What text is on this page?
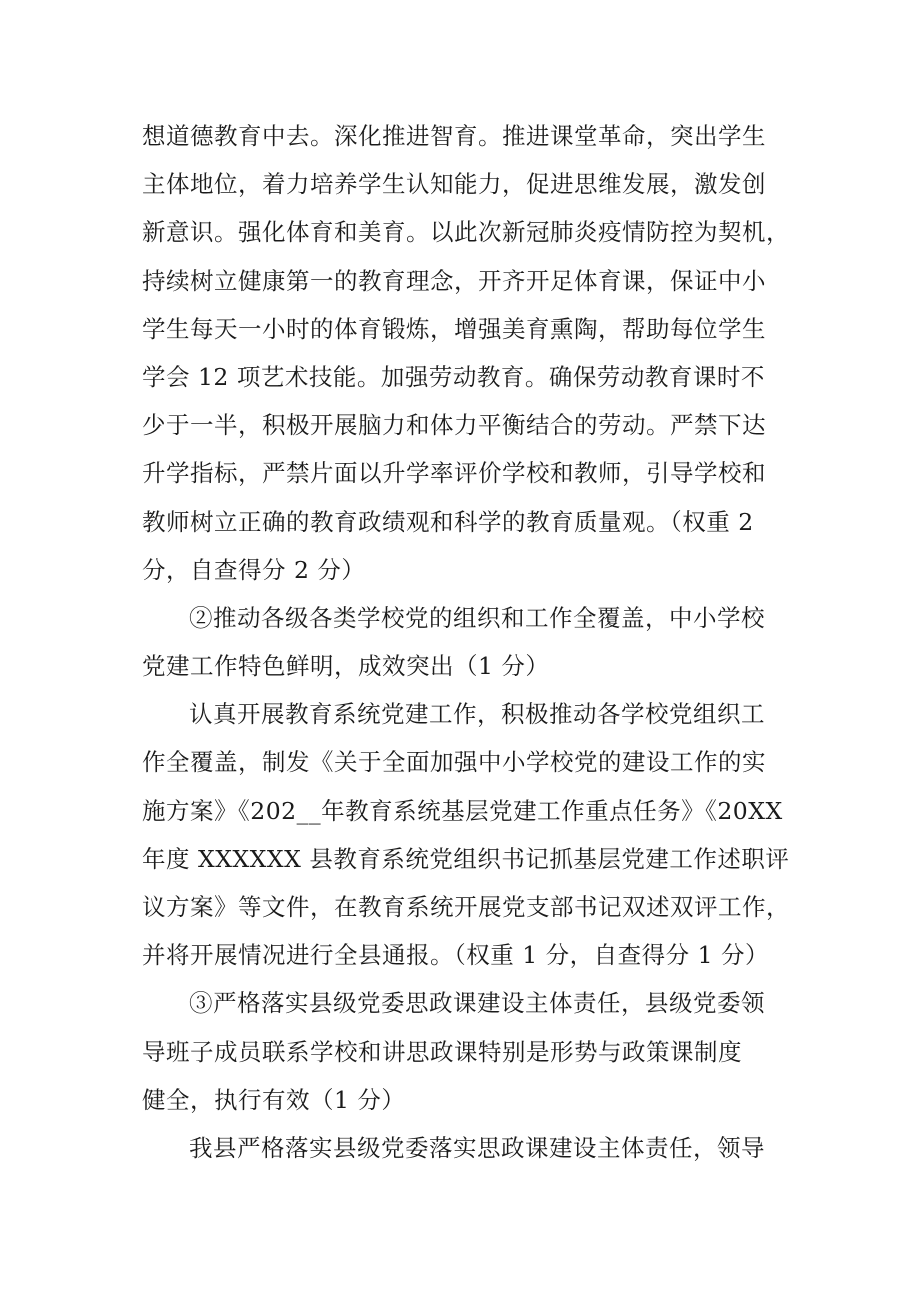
想道德教育中去。深化推进智育。推进课堂革命，突出学生
主体地位，着力培养学生认知能力，促进思维发展，激发创
新意识。强化体育和美育。以此次新冠肺炎疫情防控为契机，
持续树立健康第一的教育理念，开齐开足体育课，保证中小
学生每天一小时的体育锻炼，增强美育熏陶，帮助每位学生
学会 12 项艺术技能。加强劳动教育。确保劳动教育课时不
少于一半，积极开展脑力和体力平衡结合的劳动。严禁下达
升学指标，严禁片面以升学率评价学校和教师，引导学校和
教师树立正确的教育政绩观和科学的教育质量观。（权重 2
分，自查得分 2 分）
②推动各级各类学校党的组织和工作全覆盖，中小学校
党建工作特色鲜明，成效突出（1 分）
认真开展教育系统党建工作，积极推动各学校党组织工
作全覆盖，制发《关于全面加强中小学校党的建设工作的实
施方案》《202__年教育系统基层党建工作重点任务》《20XX
年度 XXXXXX 县教育系统党组织书记抓基层党建工作述职评
议方案》等文件，在教育系统开展党支部书记双述双评工作，
并将开展情况进行全县通报。（权重 1 分，自查得分 1 分）
③严格落实县级党委思政课建设主体责任，县级党委领
导班子成员联系学校和讲思政课特别是形势与政策课制度
健全，执行有效（1 分）
我县严格落实县级党委落实思政课建设主体责任，领导
